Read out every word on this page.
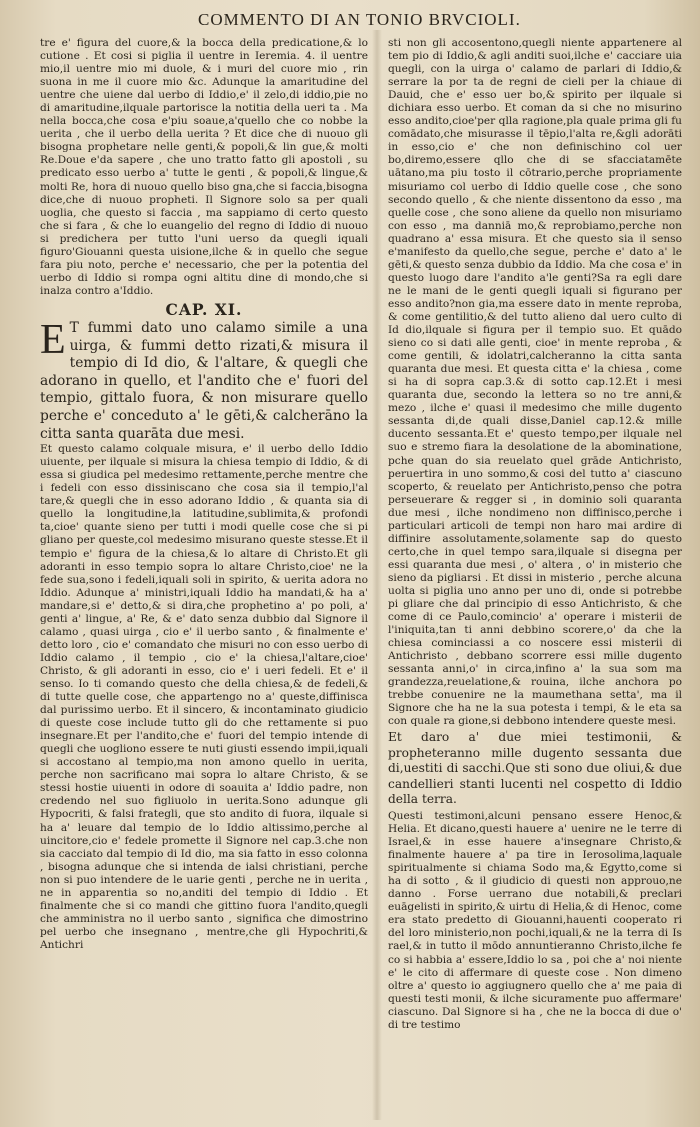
COMMENTO DI AN TONIO BRVCIOLI.

tre e' figura del cuore,& la bocca della predicatione,& lo cutione . Et cosi si piglia il uentre in Ieremia. 4. il uentre mio,il uentre mio mi duole, & i muri del cuore mio , rin suona in me il cuore mio &c. Adunque la amaritudine del uentre che uiene dal uerbo di Iddio,e' il zelo,di iddio,pie no di amaritudine,ilquale partorisce la notitia della ueri ta . Ma nella bocca,che cosa e'piu soaue,a'quello che co nobbe la uerita , che il uerbo della uerita ? Et dice che di nuouo gli bisogna prophetare nelle genti,& popoli,& lin gue,& molti Re.Doue e'da sapere , che uno tratto fatto gli apostoli , su predicato esso uerbo a' tutte le genti , & popoli,& lingue,& molti Re, hora di nuouo quello biso gna,che si faccia,bisogna dice,che di nuouo propheti. Il Signore solo sa per quali uoglia, che questo si faccia , ma sappiamo di certo questo che si fara , & che lo euangelio del regno di Iddio di nuouo si predichera per tutto l'uni uerso da quegli iquali figuro'Giouanni questa uisione,ilche & in quello che segue fara piu noto, perche e' necessario, che per la potentia del uerbo di Iddio si rompa ogni altitu dine di mondo,che si inalza contro a'Iddio.

CAP. XI.

E T fummi dato uno calamo simile a una uirga, & fummi detto rizati,& misura il tempio di Id dio, & l'altare, & quegli che adorano in quello, et l'andito che e' fuori del tempio, gittalo fuora, & non misurare quello perche e' conceduto a' le gēti,& calcherāno la citta santa quarāta due mesi.

Et questo calamo colquale misura, e' il uerbo dello Iddio uiuente, per ilquale si misura la chiesa tempio di Iddio, & di essa si giudica pel medesimo rettamente,perche mentre che i fedeli con esso dissiniscano che cosa sia il tempio,l'al tare,& quegli che in esso adorano Iddio , & quanta sia di quello la longitudine,la latitudine,sublimita,& profondi ta,cioe' quante sieno per tutti i modi quelle cose che si pi gliano per queste,col medesimo misurano queste stesse.Et il tempio e' figura de la chiesa,& lo altare di Christo.Et gli adoranti in esso tempio sopra lo altare Christo,cioe' ne la fede sua,sono i fedeli,iquali soli in spirito, & uerita adora no Iddio. Adunque a' ministri,iquali Iddio ha mandati,& ha a' mandare,si e' detto,& si dira,che prophetino a' po poli, a' genti a' lingue, a' Re, & e' dato senza dubbio dal Signore il calamo , quasi uirga , cio e' il uerbo santo , & finalmente e' detto loro , cio e' comandato che misuri no con esso uerbo di Iddio calamo , il tempio , cio e' la chiesa,l'altare,cioe' Christo, & gli adoranti in esso, cio e' i ueri fedeli. Et e' il senso. Io ti comando questo che della chiesa,& de fedeli,& di tutte quelle cose, che appartengo no a' queste,diffinisca dal purissimo uerbo. Et il sincero, & incontaminato giudicio di queste cose include tutto gli do che rettamente si puo insegnare.Et per l'andito,che e' fuori del tempio intende di quegli che uogliono essere te nuti giusti essendo impii,iquali si accostano al tempio,ma non amono quello in uerita, perche non sacrificano mai sopra lo altare Christo, & se stessi hostie uiuenti in odore di soauita a' Iddio padre, non credendo nel suo figliuolo in uerita.Sono adunque gli Hypocriti, & falsi frategli, que sto andito di fuora, ilquale si ha a' leuare dal tempio de lo Iddio altissimo,perche al uincitore,cio e' fedele promette il Signore nel cap.3.che non sia cacciato dal tempio di Id dio, ma sia fatto in esso colonna , bisogna adunque che si intenda de ialsi christiani, perche non si puo intendere de le uarie genti , perche ne in uerita , ne in apparentia so no,anditi del tempio di Iddio . Et finalmente che si co mandi che gittino fuora l'andito,quegli che amministra no il uerbo santo , significa che dimostrino pel uerbo che insegnano , mentre,che gli Hypochriti,& Antichri

sti non gli accosentono,quegli niente appartenere al tem pio di Iddio,& agli anditi suoi,ilche e' cacciare uia quegli, con la uirga o' calamo de parlari di Iddio,& serrare la por ta de regni de cieli per la chiaue di Dauid, che e' esso uer bo,& spirito per ilquale si dichiara esso uerbo. Et coman da si che no misurino esso andito,cioe'per qlla ragione,pla quale prima gli fu comādato,che misurasse il tēpio,l'alta re,&gli adorāti in esso,cio e' che non definischino col uer bo,diremo,essere qllo che di se sfacciatamēte uātano,ma piu tosto il cōtrario,perche propriamente misuriamo col uerbo di Iddio quelle cose , che sono secondo quello , & che niente dissentono da esso , ma quelle cose , che sono aliene da quello non misuriamo con esso , ma danniā mo,& reprobiamo,perche non quadrano a' essa misura. Et che questo sia il senso e'manifesto da quello,che segue, perche e' dato a' le gēti,& questo senza dubbio da Iddio. Ma che cosa e' in questo luogo dare l'andito a'le genti?Sa ra egli dare ne le mani de le genti quegli iquali si figurano per esso andito?non gia,ma essere dato in mente reproba, & come gentilitio,& del tutto alieno dal uero culto di Id dio,ilquale si figura per il tempio suo. Et quādo sieno co si dati alle genti, cioe' in mente reproba , & come gentili, & idolatri,calcheranno la citta santa quaranta due mesi. Et questa citta e' la chiesa , come si ha di sopra cap.3.& di sotto cap.12.Et i mesi quaranta due, secondo la lettera so no tre anni,& mezo , ilche e' quasi il medesimo che mille dugento sessanta di,de quali disse,Daniel cap.12.& mille ducento sessanta.Et e' questo tempo,per ilquale nel suo e stremo fiara la desolatione de la abominatione, pche quan do sia reuelato quel grāde Antichristo, peruertira in uno sommo,& cosi del tutto a' ciascuno scoperto, & reuelato per Antichristo,penso che potra perseuerare & regger si , in dominio soli quaranta due mesi , ilche nondimeno non diffinisco,perche i particulari articoli de tempi non haro mai ardire di diffinire assolutamente,solamente sap do questo certo,che in quel tempo sara,ilquale si disegna per essi quaranta due mesi , o' altera , o' in misterio che sieno da pigliarsi . Et dissi in misterio , perche alcuna uolta si piglia uno anno per uno di, onde si potrebbe pi gliare che dal principio di esso Antichristo, & che come di ce Paulo,comincio' a' operare i misterii de l'iniquita,tan ti anni debbino scorere,o' da che la chiesa cominciassi a co noscere essi misterii di Antichristo , debbano scorrere essi mille dugento sessanta anni,o' in circa,infino a' la sua som ma grandezza,reuelatione,& rouina, ilche anchora po trebbe conuenire ne la maumethana setta', ma il Signore che ha ne la sua potesta i tempi, & le eta sa con quale ra gione,si debbono intendere queste mesi.

Et daro a' due miei testimonii, & propheteranno mille dugento sessanta due di,uestiti di sacchi.Que sti sono due oliui,& due candellieri stanti lucenti nel cospetto di Iddio della terra.

Questi testimoni,alcuni pensano essere Henoc,& Helia. Et dicano,questi hauere a' uenire ne le terre di Israel,& in esse hauere a'insegnare Christo,& finalmente hauere a' pa tire in Ierosolima,laquale spiritualmente si chiama Sodo ma,& Egytto,come si ha di sotto , & il giudicio di questi non approuo,ne danno . Forse uerrano due notabili,& preclari euāgelisti in spirito,& uirtu di Helia,& di Henoc, come era stato predetto di Giouanni,hauenti cooperato ri del loro ministerio,non pochi,iquali,& ne la terra di Is rael,& in tutto il mōdo annuntieranno Christo,ilche fe co si habbia a' essere,Iddio lo sa , poi che a' noi niente e' le cito di affermare di queste cose . Non dimeno oltre a' questo io aggiugnero quello che a' me paia di questi testi monii, & ilche sicuramente puo affermare' ciascuno. Dal Signore si ha , che ne la bocca di due o' di tre testimo
